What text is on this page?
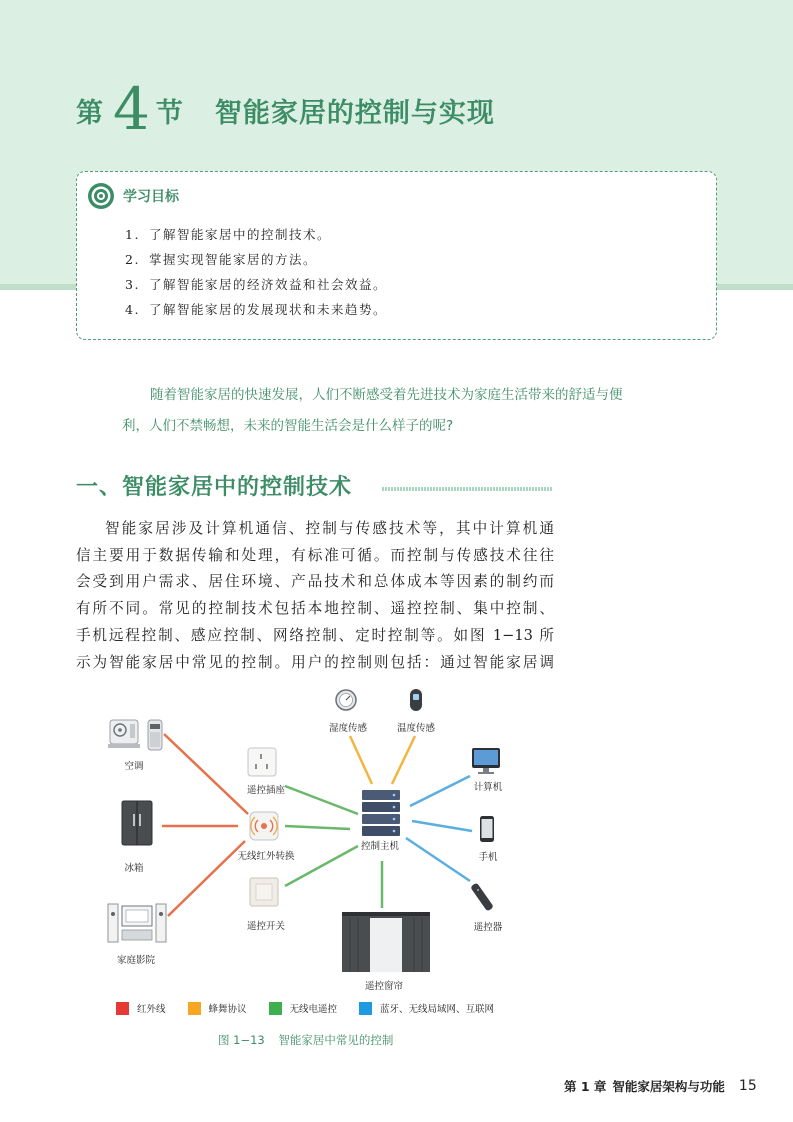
第 4 节 智能家居的控制与实现
学习目标
1. 了解智能家居中的控制技术。
2. 掌握实现智能家居的方法。
3. 了解智能家居的经济效益和社会效益。
4. 了解智能家居的发展现状和未来趋势。

随着智能家居的快速发展，人们不断感受着先进技术为家庭生活带来的舒适与便

利，人们不禁畅想，未来的智能生活会是什么样子的呢?

一、智能家居中的控制技术

智能家居涉及计算机通信、控制与传感技术等，其中计算机通

信主要用于数据传输和处理，有标准可循。而控制与传感技术往往

会受到用户需求、居住环境、产品技术和总体成本等因素的制约而

有所不同。常见的控制技术包括本地控制、遥控控制、集中控制、

手机远程控制、感应控制、网络控制、定时控制等。如图 1−13 所

示为智能家居中常见的控制。用户的控制则包括：通过智能家居调

空调
冰箱
家庭影院
遥控插座
无线红外转换
遥控开关
湿度传感	温度传感
控制主机
遥控窗帘
计算机
手机
遥控器
红外线	蜂舞协议	无线电遥控	蓝牙、无线局域网、互联网
图 1−13 智能家居中常见的控制
第 1 章 智能家居架构与功能 15
